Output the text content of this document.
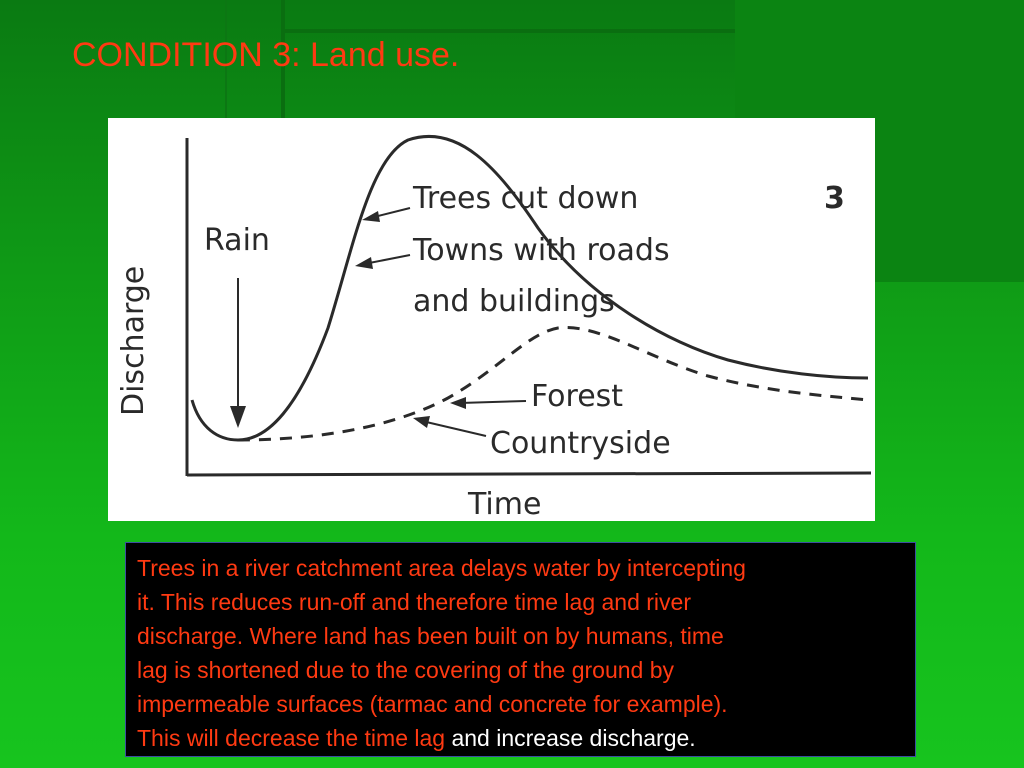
CONDITION 3: Land use.
3
Rain
Trees cut down
Towns with roads
and buildings
Forest
Countryside
Time
Discharge
Trees in a river catchment area delays water by intercepting
it. This reduces run-off and therefore time lag and river
discharge. Where land has been built on by humans, time
lag is shortened due to the covering of the ground by
impermeable surfaces (tarmac and concrete for example).
This will decrease the time lag and increase discharge.
